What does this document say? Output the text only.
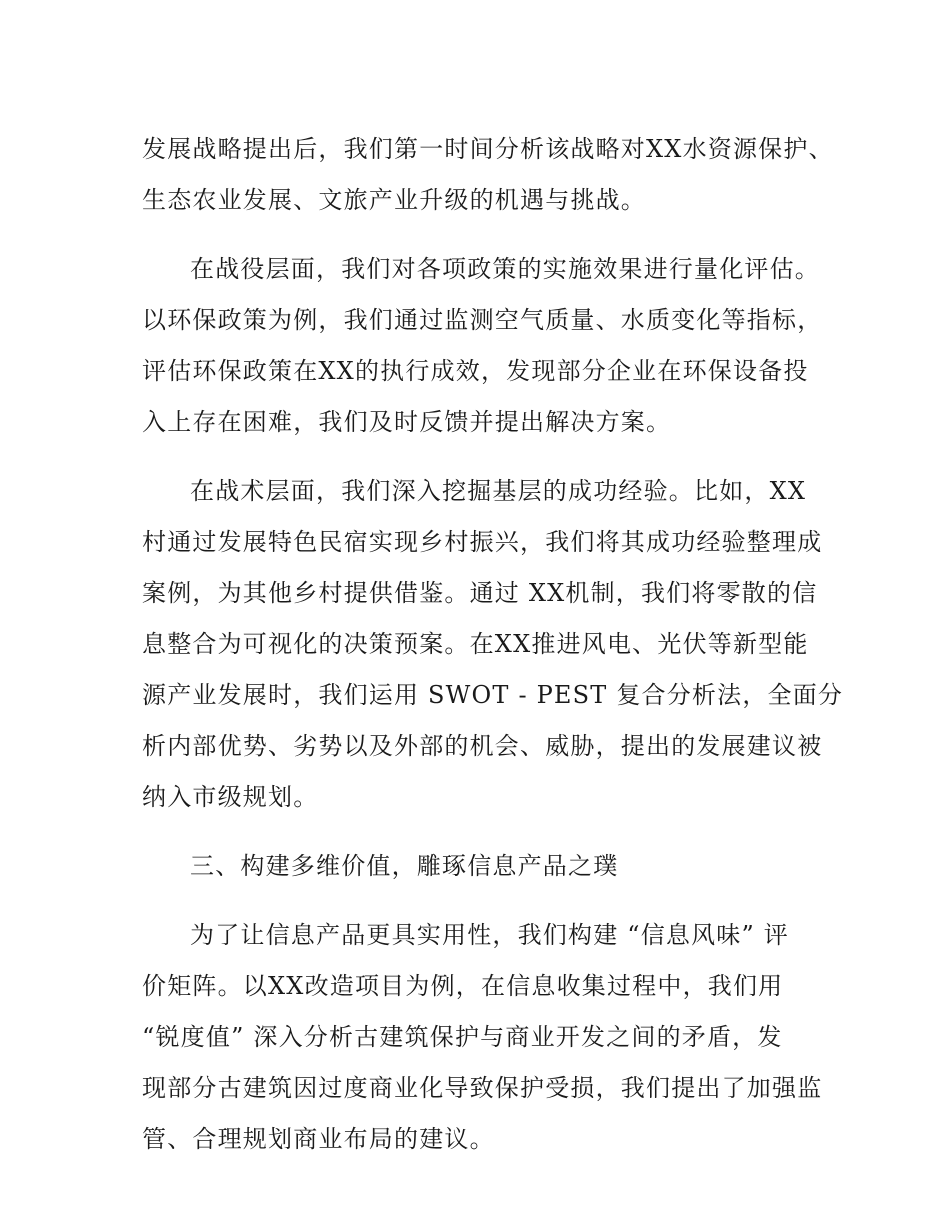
发展战略提出后，我们第一时间分析该战略对XX水资源保护、
生态农业发展、文旅产业升级的机遇与挑战。
在战役层面，我们对各项政策的实施效果进行量化评估。
以环保政策为例，我们通过监测空气质量、水质变化等指标，
评估环保政策在XX的执行成效，发现部分企业在环保设备投
入上存在困难，我们及时反馈并提出解决方案。
在战术层面，我们深入挖掘基层的成功经验。比如，XX
村通过发展特色民宿实现乡村振兴，我们将其成功经验整理成
案例，为其他乡村提供借鉴。通过 XX机制，我们将零散的信
息整合为可视化的决策预案。在XX推进风电、光伏等新型能
源产业发展时，我们运用 SWOT - PEST 复合分析法，全面分
析内部优势、劣势以及外部的机会、威胁，提出的发展建议被
纳入市级规划。
三、构建多维价值，雕琢信息产品之璞
为了让信息产品更具实用性，我们构建 “信息风味” 评
价矩阵。以XX改造项目为例，在信息收集过程中，我们用
“锐度值” 深入分析古建筑保护与商业开发之间的矛盾，发
现部分古建筑因过度商业化导致保护受损，我们提出了加强监
管、合理规划商业布局的建议。
